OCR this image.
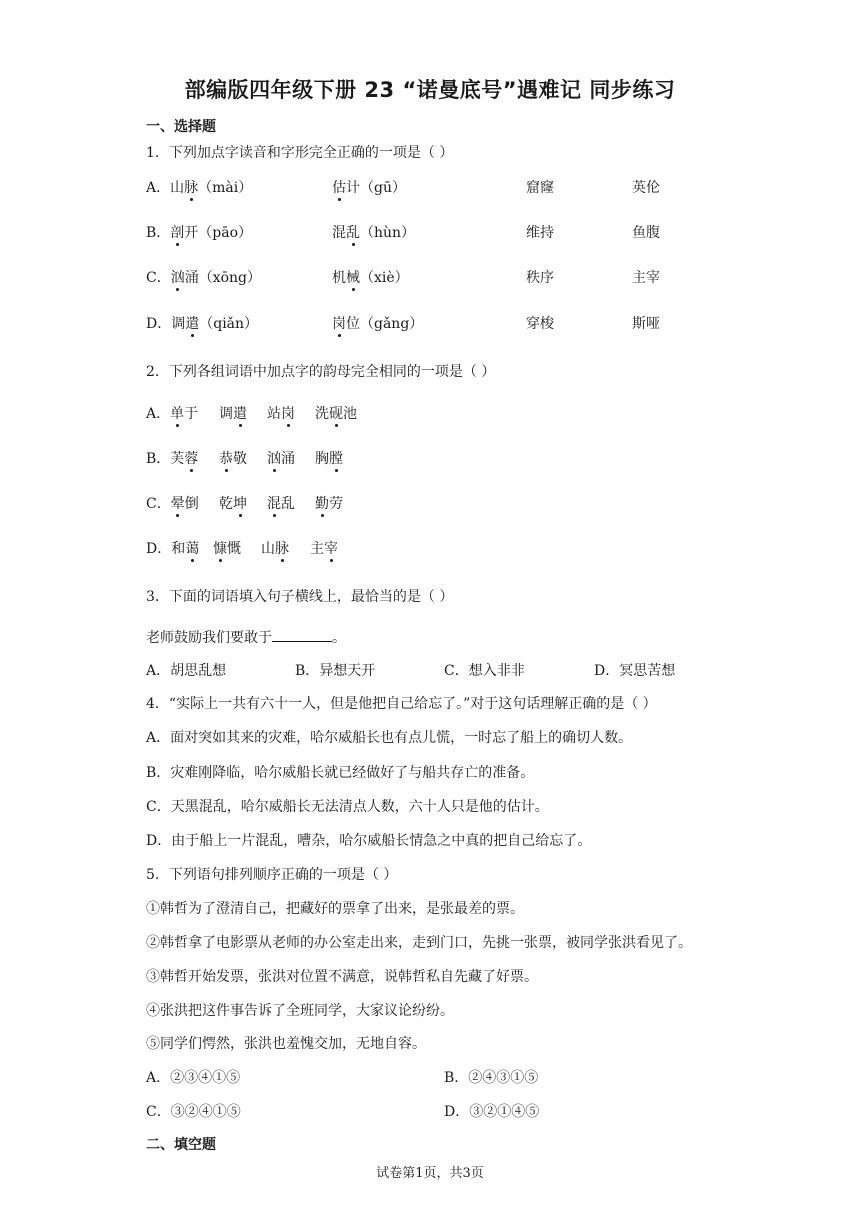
部编版四年级下册 23 “诺曼底号”遇难记 同步练习
一、选择题
1．下列加点字读音和字形完全正确的一项是（ ）
A．山脉（mài）	估计（gū）	窟窿	英伦
B．剖开（pāo）	混乱（hùn）	维持	鱼腹
C．汹涌（xōng）	机械（xiè）	秩序	主宰
D．调遣（qiǎn）	岗位（gǎng）	穿梭	斯哑
2．下列各组词语中加点字的韵母完全相同的一项是（ ）
A．单于 调遣 站岗 洗砚池
B．芙蓉 恭敬 汹涌 胸膛
C．晕倒 乾坤 混乱 勤劳
D．和蔼 慷慨 山脉 主宰
3．下面的词语填入句子横线上，最恰当的是（ ）
老师鼓励我们要敢于	。
A．胡思乱想	B．异想天开	C．想入非非	D．冥思苦想
4．“实际上一共有六十一人，但是他把自己给忘了。”对于这句话理解正确的是（ ）
A．面对突如其来的灾难，哈尔威船长也有点儿慌，一时忘了船上的确切人数。
B．灾难刚降临，哈尔威船长就已经做好了与船共存亡的准备。
C．天黑混乱，哈尔威船长无法清点人数，六十人只是他的估计。
D．由于船上一片混乱，嘈杂，哈尔威船长情急之中真的把自己给忘了。
5．下列语句排列顺序正确的一项是（ ）
①韩哲为了澄清自己，把藏好的票拿了出来，是张最差的票。
②韩哲拿了电影票从老师的办公室走出来，走到门口，先挑一张票，被同学张洪看见了。
③韩哲开始发票，张洪对位置不满意，说韩哲私自先藏了好票。
④张洪把这件事告诉了全班同学，大家议论纷纷。
⑤同学们愕然，张洪也羞愧交加，无地自容。
A．②③④①⑤	B．②④③①⑤
C．③②④①⑤	D．③②①④⑤
二、填空题
试卷第1页，共3页
